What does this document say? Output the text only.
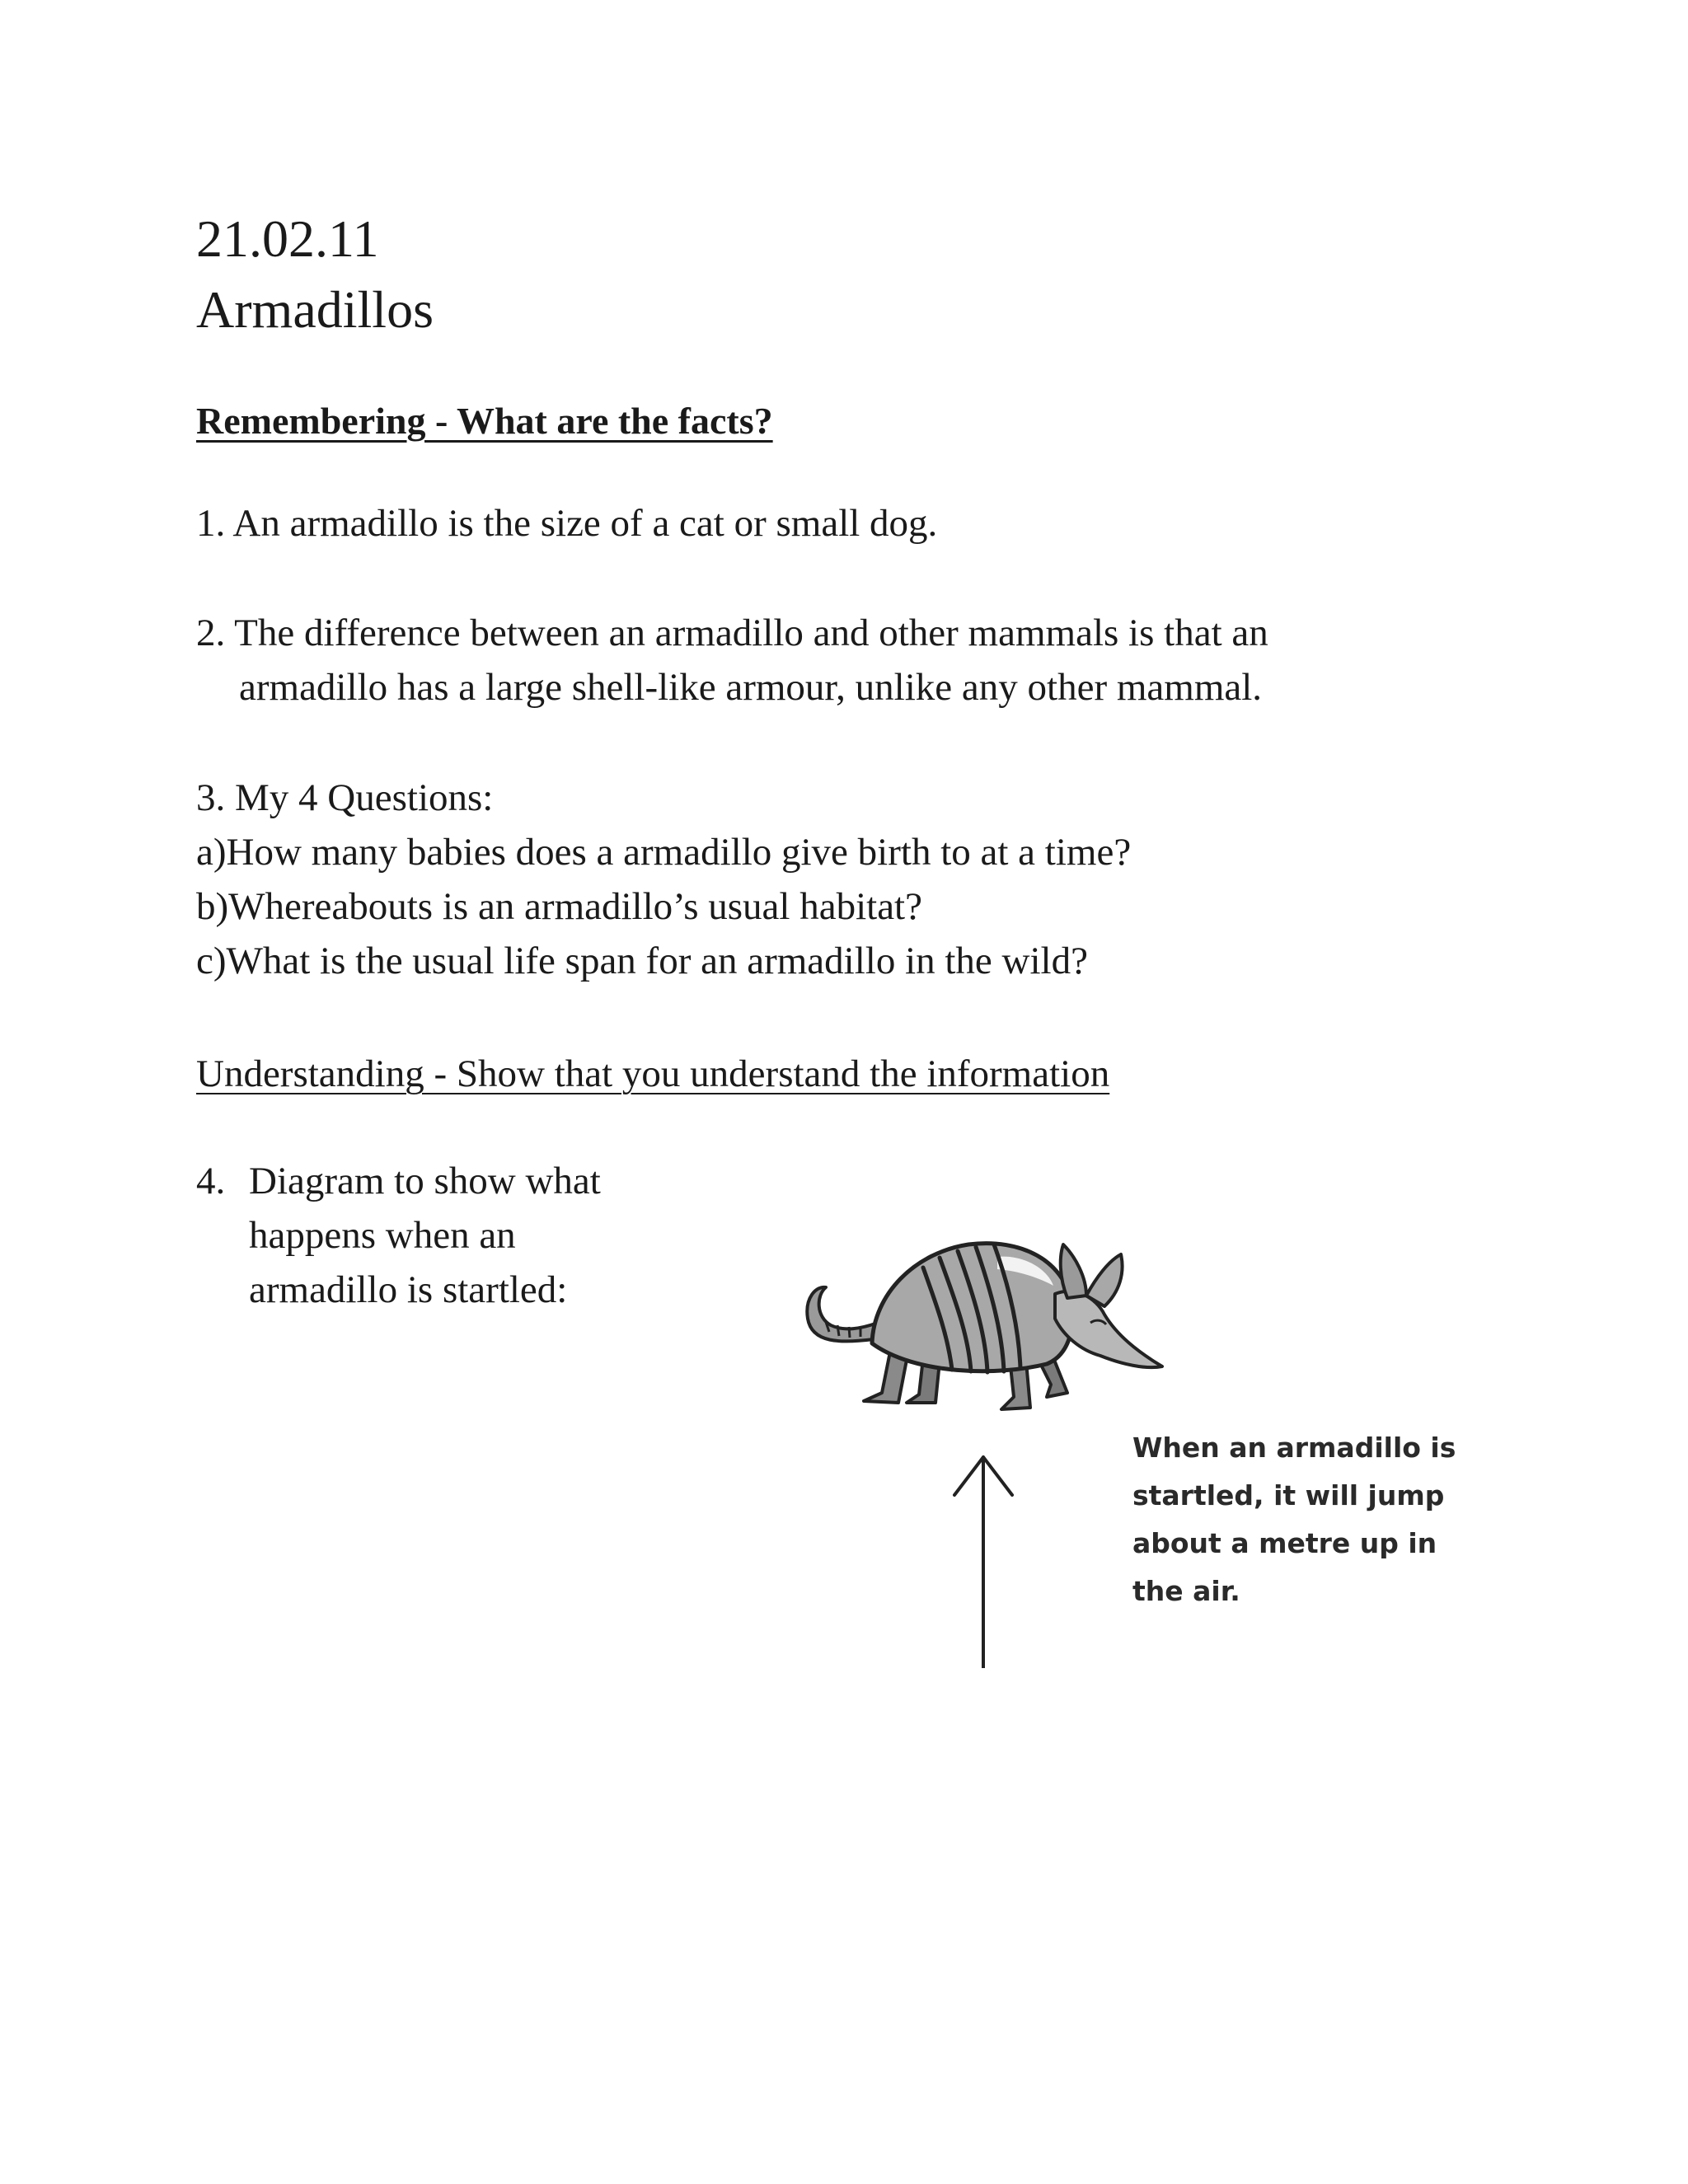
21.02.11
Armadillos
Remembering - What are the facts?
1. An armadillo is the size of a cat or small dog.
2. The difference between an armadillo and other mammals is that an
armadillo has a large shell-like armour, unlike any other mammal.
3. My 4 Questions:
a)How many babies does a armadillo give birth to at a time?
b)Whereabouts is an armadillo’s usual habitat?
c)What is the usual life span for an armadillo in the wild?
Understanding - Show that you understand the information
4. Diagram to show what
happens when an
armadillo is startled:
When an armadillo is
startled, it will jump
about a metre up in
the air.
